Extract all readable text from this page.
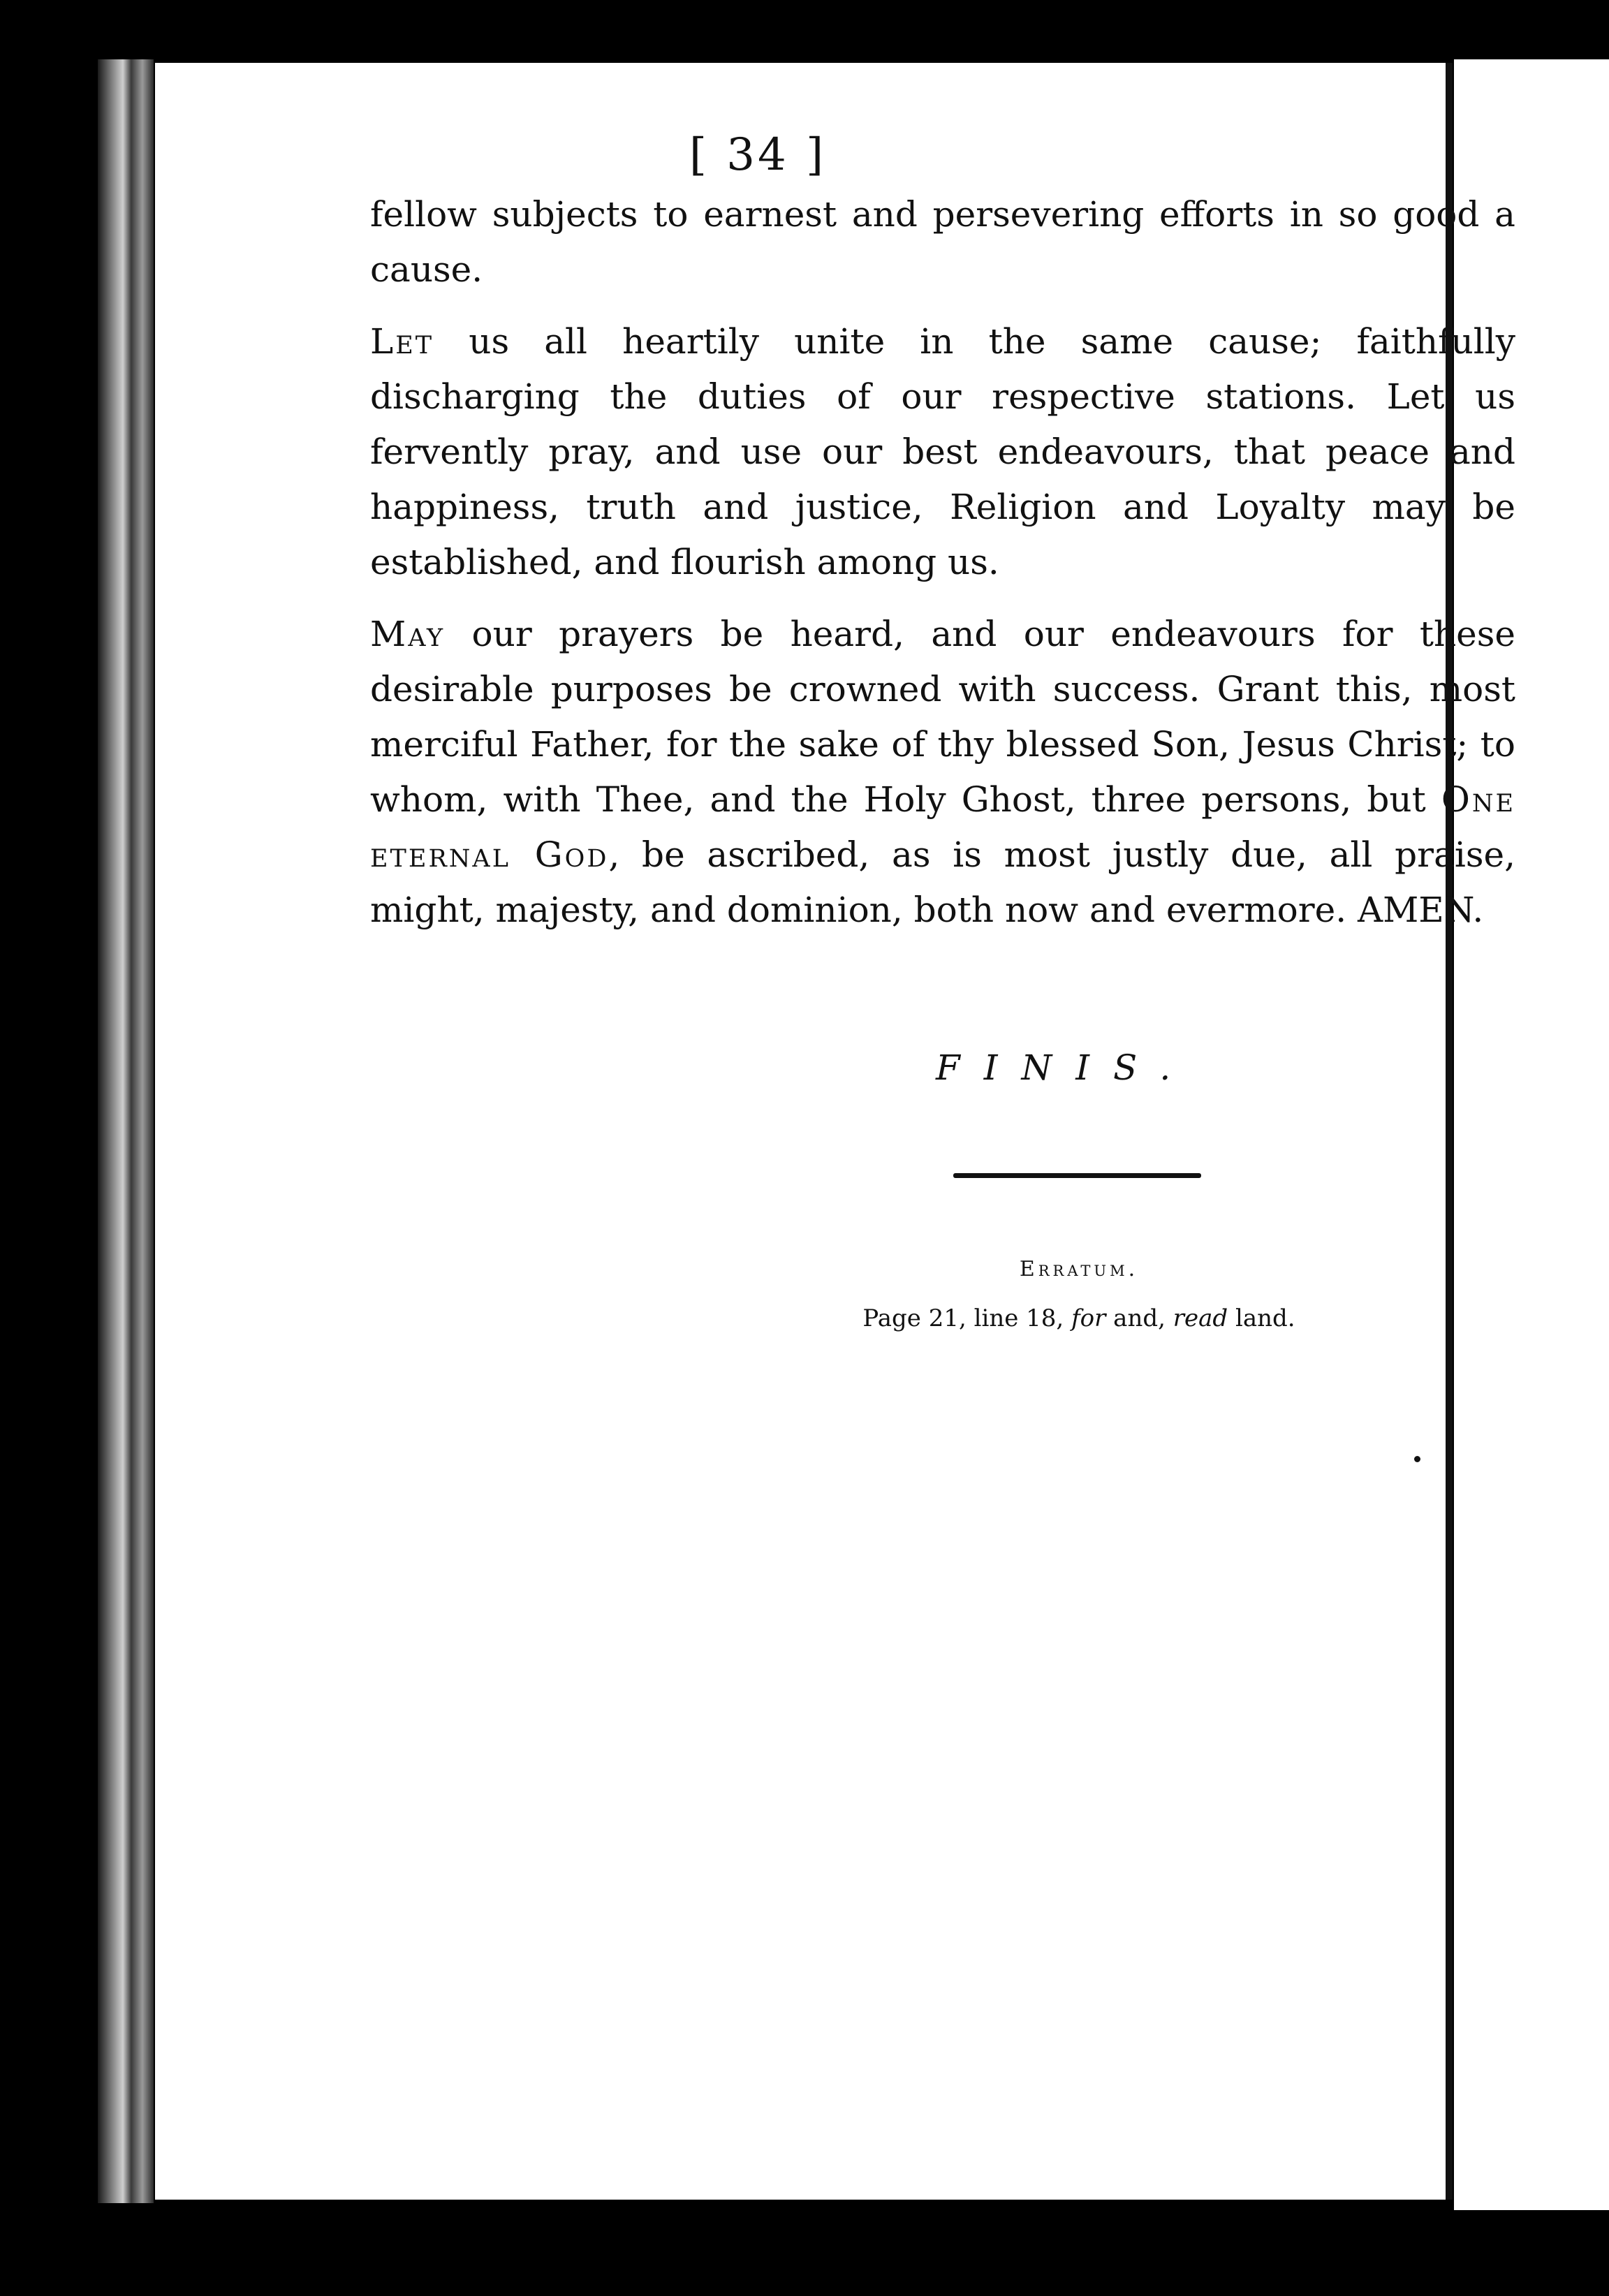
[ 34 ]

fellow subjects to earnest and persevering efforts in so good a cause.

Let us all heartily unite in the same cause; faithfully discharging the duties of our respective stations. Let us fervently pray, and use our best endeavours, that peace and happiness, truth and justice, Religion and Loyalty may be established, and flourish among us.

May our prayers be heard, and our endeavours for these desirable purposes be crowned with success. Grant this, most merciful Father, for the sake of thy blessed Son, Jesus Christ; to whom, with Thee, and the Holy Ghost, three persons, but One eternal God, be ascribed, as is most justly due, all praise, might, majesty, and dominion, both now and evermore. AMEN.

FINIS.
Erratum.
Page 21, line 18, for and, read land.
